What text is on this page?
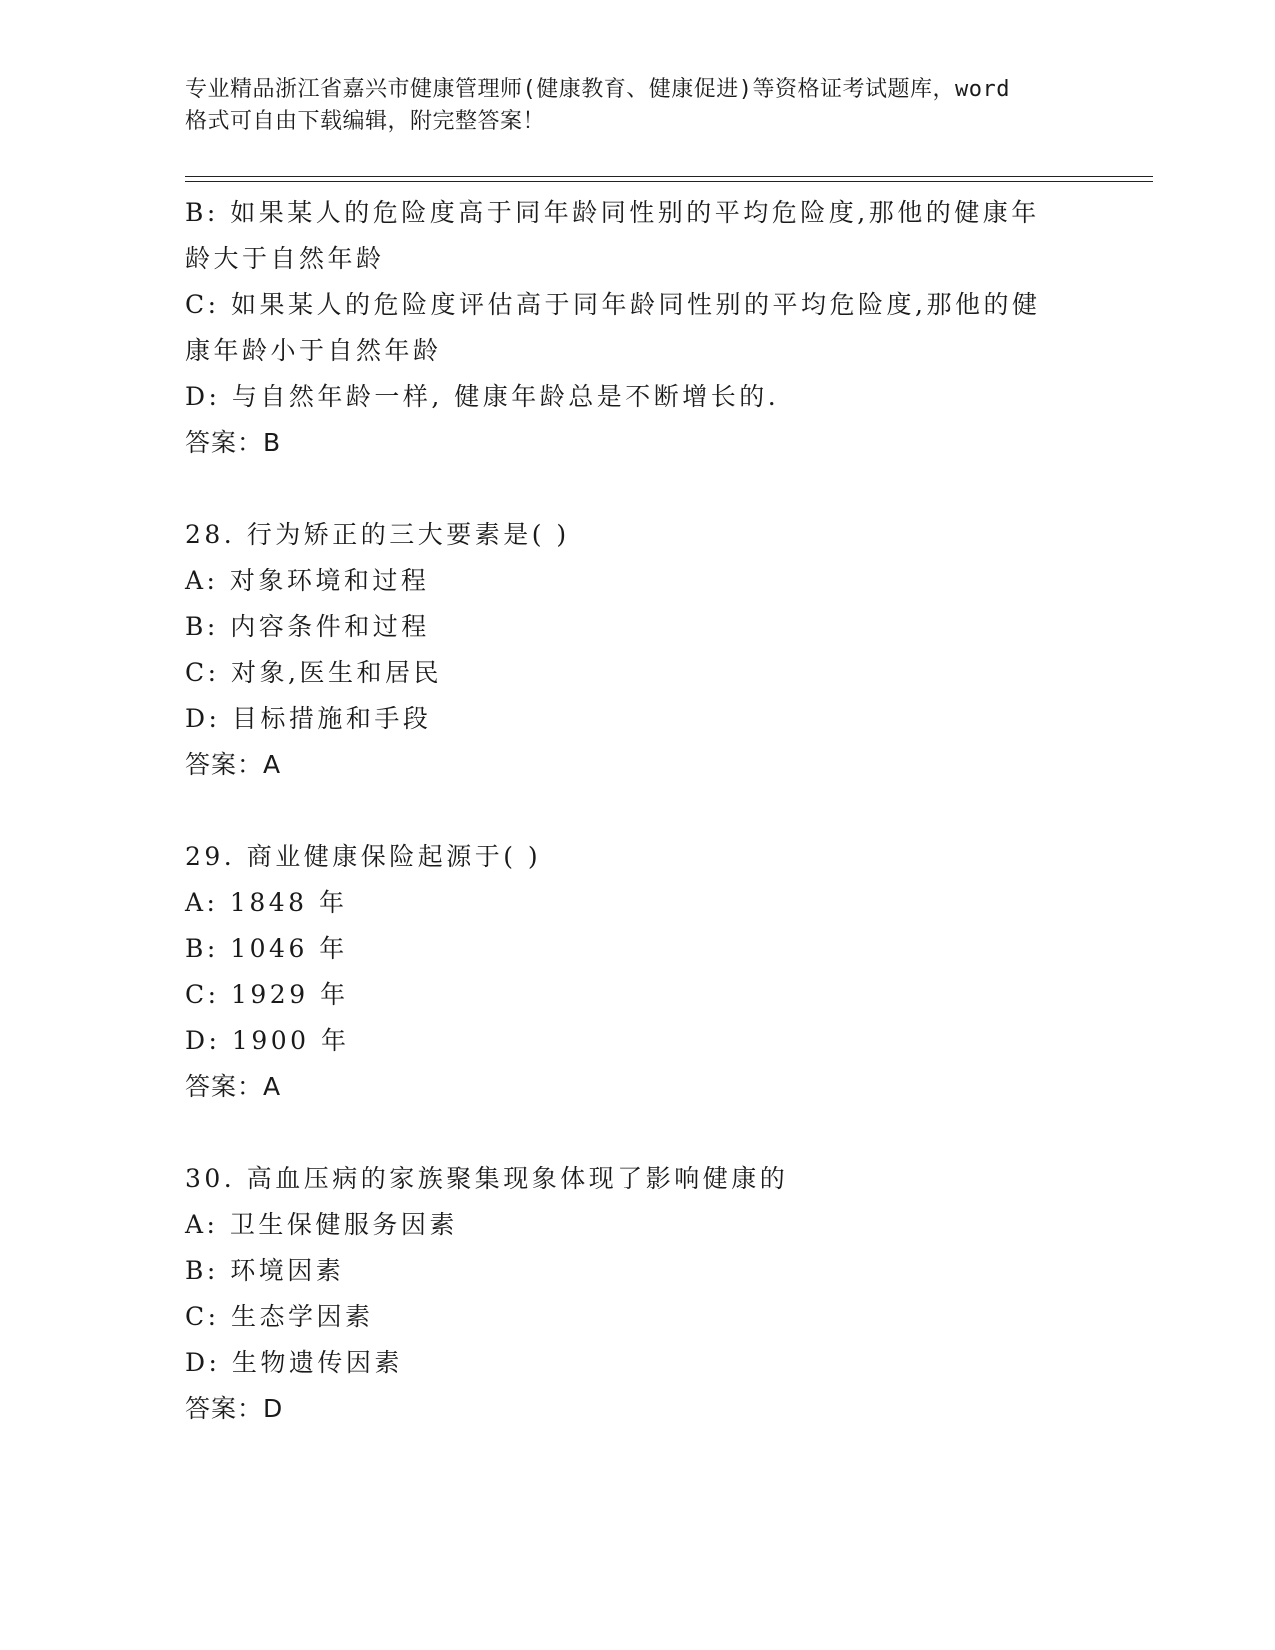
专业精品浙江省嘉兴市健康管理师(健康教育、健康促进)等资格证考试题库，word
格式可自由下载编辑，附完整答案！
B: 如果某人的危险度高于同年龄同性别的平均危险度,那他的健康年
龄大于自然年龄
C: 如果某人的危险度评估高于同年龄同性别的平均危险度,那他的健
康年龄小于自然年龄
D: 与自然年龄一样, 健康年龄总是不断增长的.
答案：B
28. 行为矫正的三大要素是( )
A: 对象环境和过程
B: 内容条件和过程
C: 对象,医生和居民
D: 目标措施和手段
答案：A
29. 商业健康保险起源于( )
A: 1848 年
B: 1046 年
C: 1929 年
D: 1900 年
答案：A
30. 高血压病的家族聚集现象体现了影响健康的
A: 卫生保健服务因素
B: 环境因素
C: 生态学因素
D: 生物遗传因素
答案：D
